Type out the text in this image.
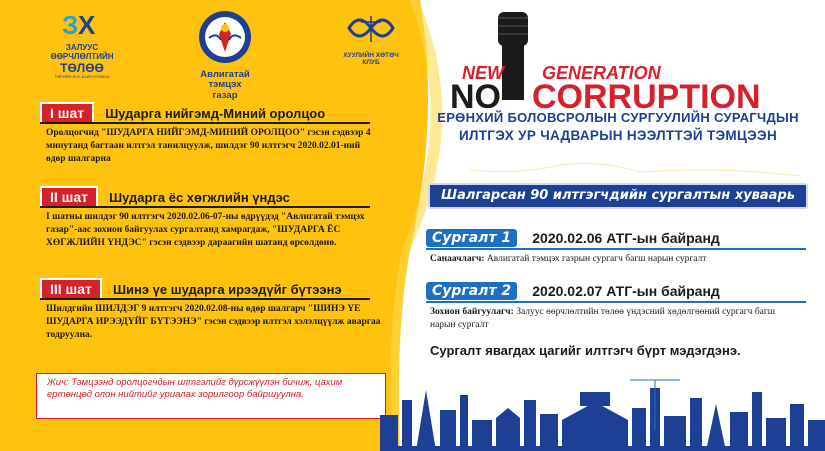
З Х
ЗАЛУУС
ӨӨРЧЛӨЛТИЙН
ТӨЛӨӨ
ТӨРИЙН БУС БАЙГУУЛЛАГА	Авлигатай тэмцэх
газар
ХУУЛИЙН ХӨТӨЧ
КЛУБ
I шат Шударга нийгэмд-Миний оролцоо
Оролцогчид "ШУДАРГА НИЙГЭМД-МИНИЙ ОРОЛЦОО" гэсэн сэдвээр 4 минутанд багтаан илтгэл танилцуулж, шилдэг 90 илтгэгч 2020.02.01-ний өдөр шалгарна
II шат Шударга ёс хөгжлийн үндэс
I шатны шилдэг 90 илтгэгч 2020.02.06-07-ны өдрүүдэд "Авлигатай тэмцэх газар"-аас зохион байгуулах сургалтанд хамрагдаж, "ШУДАРГА ЁС ХӨГЖЛИЙН ҮНДЭС" гэсэн сэдвээр дараагийн шатанд өрсөлдөнө.
III шат Шинэ үе шударга ирээдүйг бүтээнэ
Шилдгийн ШИЛДЭГ 9 илтгэгч 2020.02.08-ны өдөр шалгарч "ШИНЭ ҮЕ ШУДАРГА ИРЭЭДҮЙГ БҮТЭЭНЭ" гэсэн сэдвээр илтгэл хэлэлцүүлж аваргаа тодруулна.
Жич: Тэмцээнд оролцогчдын илтгэлийг дүрсжүүлэн бичиж, цахим ертөнцөд олон нийтийг уриалах зорилгоор байршуулна.
NEW GENERATION
NO CORRUPTION
ЕРӨНХИЙ БОЛОВСРОЛЫН СУРГУУЛИЙН СУРАГЧДЫН
ИЛТГЭХ УР ЧАДВАРЫН НЭЭЛТТЭЙ ТЭМЦЭЭН
Шалгарсан 90 илтгэгчдийн сургалтын хуваарь
Сургалт 1 2020.02.06 АТГ-ын байранд
Санаачлагч: Авлигатай тэмцэх газрын сургагч багш нарын сургалт
Сургалт 2 2020.02.07 АТГ-ын байранд
Зохион байгуулагч: Залуус өөрчлөлтийн төлөө үндэсний хөдөлгөөний сургагч багш нарын сургалт
Сургалт явагдах цагийг илтгэгч бүрт мэдэгдэнэ.
